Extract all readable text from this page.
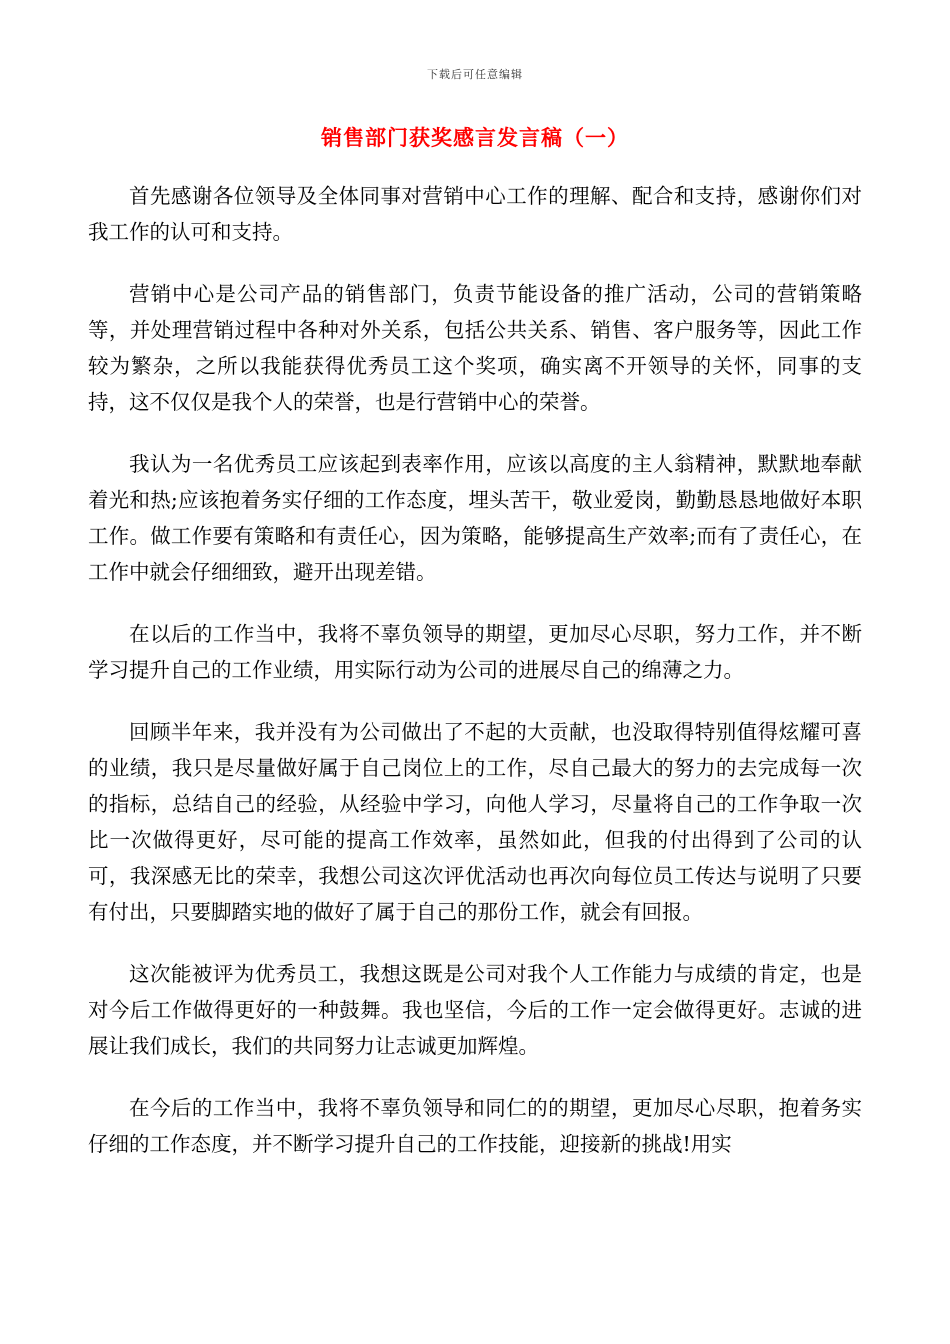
下载后可任意编辑
销售部门获奖感言发言稿（一）

首先感谢各位领导及全体同事对营销中心工作的理解、配合和支持，感谢你们对我工作的认可和支持。

营销中心是公司产品的销售部门，负责节能设备的推广活动，公司的营销策略等，并处理营销过程中各种对外关系，包括公共关系、销售、客户服务等，因此工作较为繁杂，之所以我能获得优秀员工这个奖项，确实离不开领导的关怀，同事的支持，这不仅仅是我个人的荣誉，也是行营销中心的荣誉。

我认为一名优秀员工应该起到表率作用，应该以高度的主人翁精神，默默地奉献着光和热;应该抱着务实仔细的工作态度，埋头苦干，敬业爱岗，勤勤恳恳地做好本职工作。做工作要有策略和有责任心，因为策略，能够提高生产效率;而有了责任心，在工作中就会仔细细致，避开出现差错。

在以后的工作当中，我将不辜负领导的期望，更加尽心尽职，努力工作，并不断学习提升自己的工作业绩，用实际行动为公司的进展尽自己的绵薄之力。

回顾半年来，我并没有为公司做出了不起的大贡献，也没取得特别值得炫耀可喜的业绩，我只是尽量做好属于自己岗位上的工作，尽自己最大的努力的去完成每一次的指标，总结自己的经验，从经验中学习，向他人学习，尽量将自己的工作争取一次比一次做得更好，尽可能的提高工作效率，虽然如此，但我的付出得到了公司的认可，我深感无比的荣幸，我想公司这次评优活动也再次向每位员工传达与说明了只要有付出，只要脚踏实地的做好了属于自己的那份工作，就会有回报。

这次能被评为优秀员工，我想这既是公司对我个人工作能力与成绩的肯定，也是对今后工作做得更好的一种鼓舞。我也坚信，今后的工作一定会做得更好。志诚的进展让我们成长，我们的共同努力让志诚更加辉煌。

在今后的工作当中，我将不辜负领导和同仁的的期望，更加尽心尽职，抱着务实仔细的工作态度，并不断学习提升自己的工作技能，迎接新的挑战!用实
